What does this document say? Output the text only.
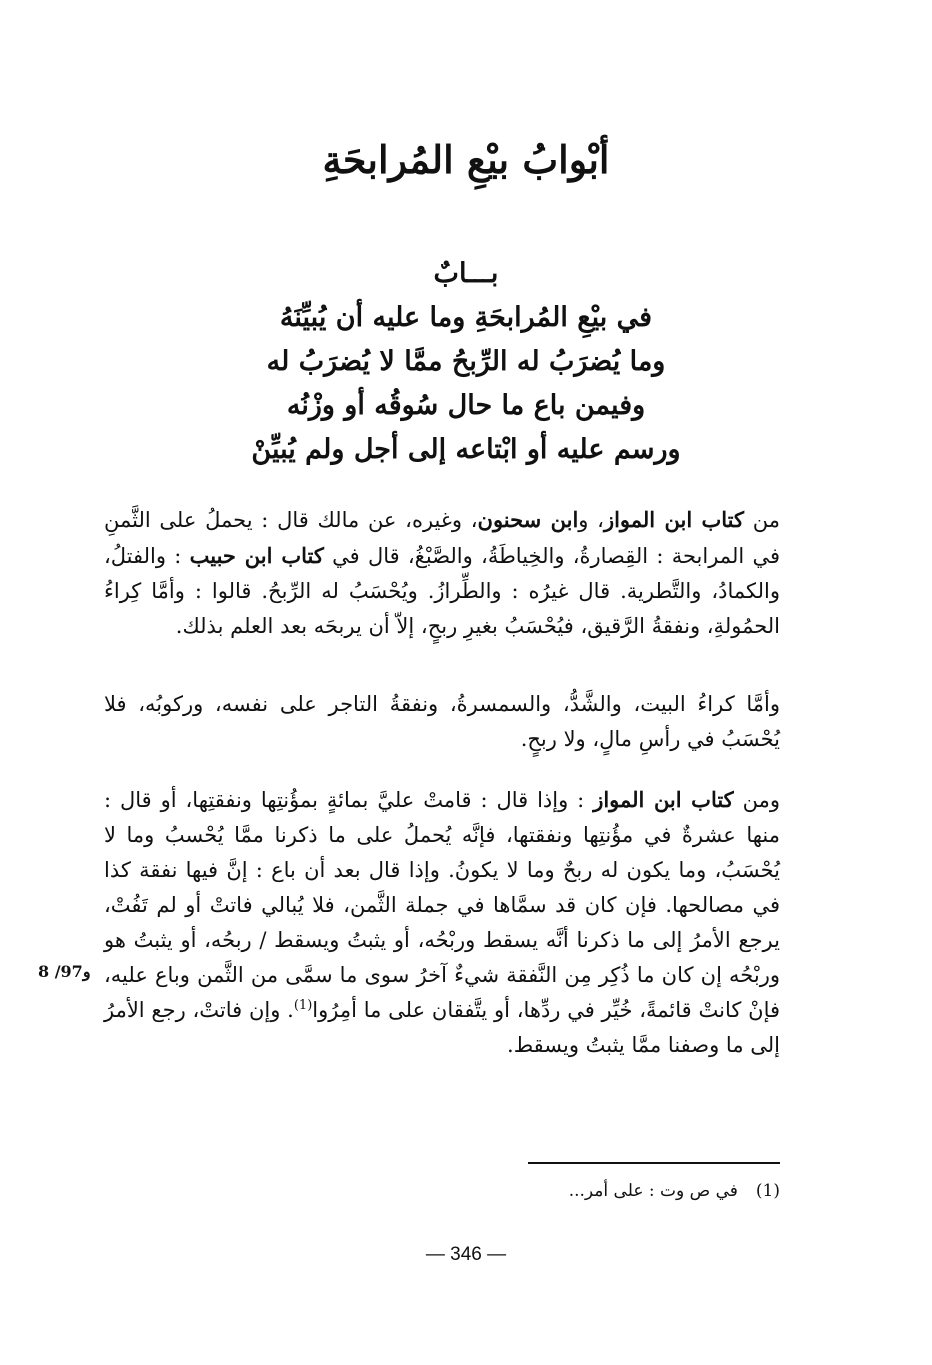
أبْوابُ بيْعِ المُرابحَةِ
بـــابٌ
في بيْعِ المُرابحَةِ وما عليه أن يُبيِّنَهُ
وما يُضرَبُ له الرِّبحُ ممَّا لا يُضرَبُ له
وفيمن باع ما حال سُوقُه أو وزْنُه
ورسم عليه أو ابْتاعه إلى أجل ولم يُبيِّنْ

من كتاب ابن المواز، وابن سحنون، وغيره، عن مالك قال : يحملُ على الثَّمنِ في المرابحة : القِصارةُ، والخِياطَةُ، والصَّبْغُ، قال في كتاب ابن حبيب : والفتلُ، والكمادُ، والتَّطرية. قال غيرُه : والطِّرازُ. ويُحْسَبُ له الرِّبحُ. قالوا : وأمَّا كِراءُ الحمُولةِ، ونفقةُ الرَّقيق، فيُحْسَبُ بغيرِ ربحٍ، إلاّ أن يربحَه بعد العلم بذلك.

وأمَّا كراءُ البيت، والشَّدُّ، والسمسرةُ، ونفقةُ التاجر على نفسه، وركوبُه، فلا يُحْسَبُ في رأسِ مالٍ، ولا ربحٍ.

ومن كتاب ابن المواز : وإذا قال : قامتْ عليَّ بمائةٍ بمؤُنتِها ونفقتِها، أو قال : منها عشرةٌ في مؤُنتِها ونفقتها، فإنَّه يُحملُ على ما ذكرنا ممَّا يُحْسبُ وما لا يُحْسَبُ، وما يكون له ربحٌ وما لا يكونُ. وإذا قال بعد أن باع : إنَّ فيها نفقة كذا في مصالحها. فإن كان قد سمَّاها في جملة الثَّمن، فلا يُبالي فاتتْ أو لم تَفُتْ، يرجع الأمرُ إلى ما ذكرنا أنَّه يسقط وربْحُه، أو يثبتُ ويسقط / ربحُه، أو يثبتُ هو وربْحُه إن كان ما ذُكِر مِن النَّفقة شيءٌ آخرُ سوى ما سمَّى من الثَّمن وباع عليه، فإنْ كانتْ قائمةً، خُيِّر في ردِّها، أو يتَّفقان على ما أمِرُوا$^{(1)}$. وإن فاتتْ، رجع الأمرُ إلى ما وصفنا ممَّا يثبتُ ويسقط.

8 /97و
(1)في ص وت : على أمر...
— 346 —
